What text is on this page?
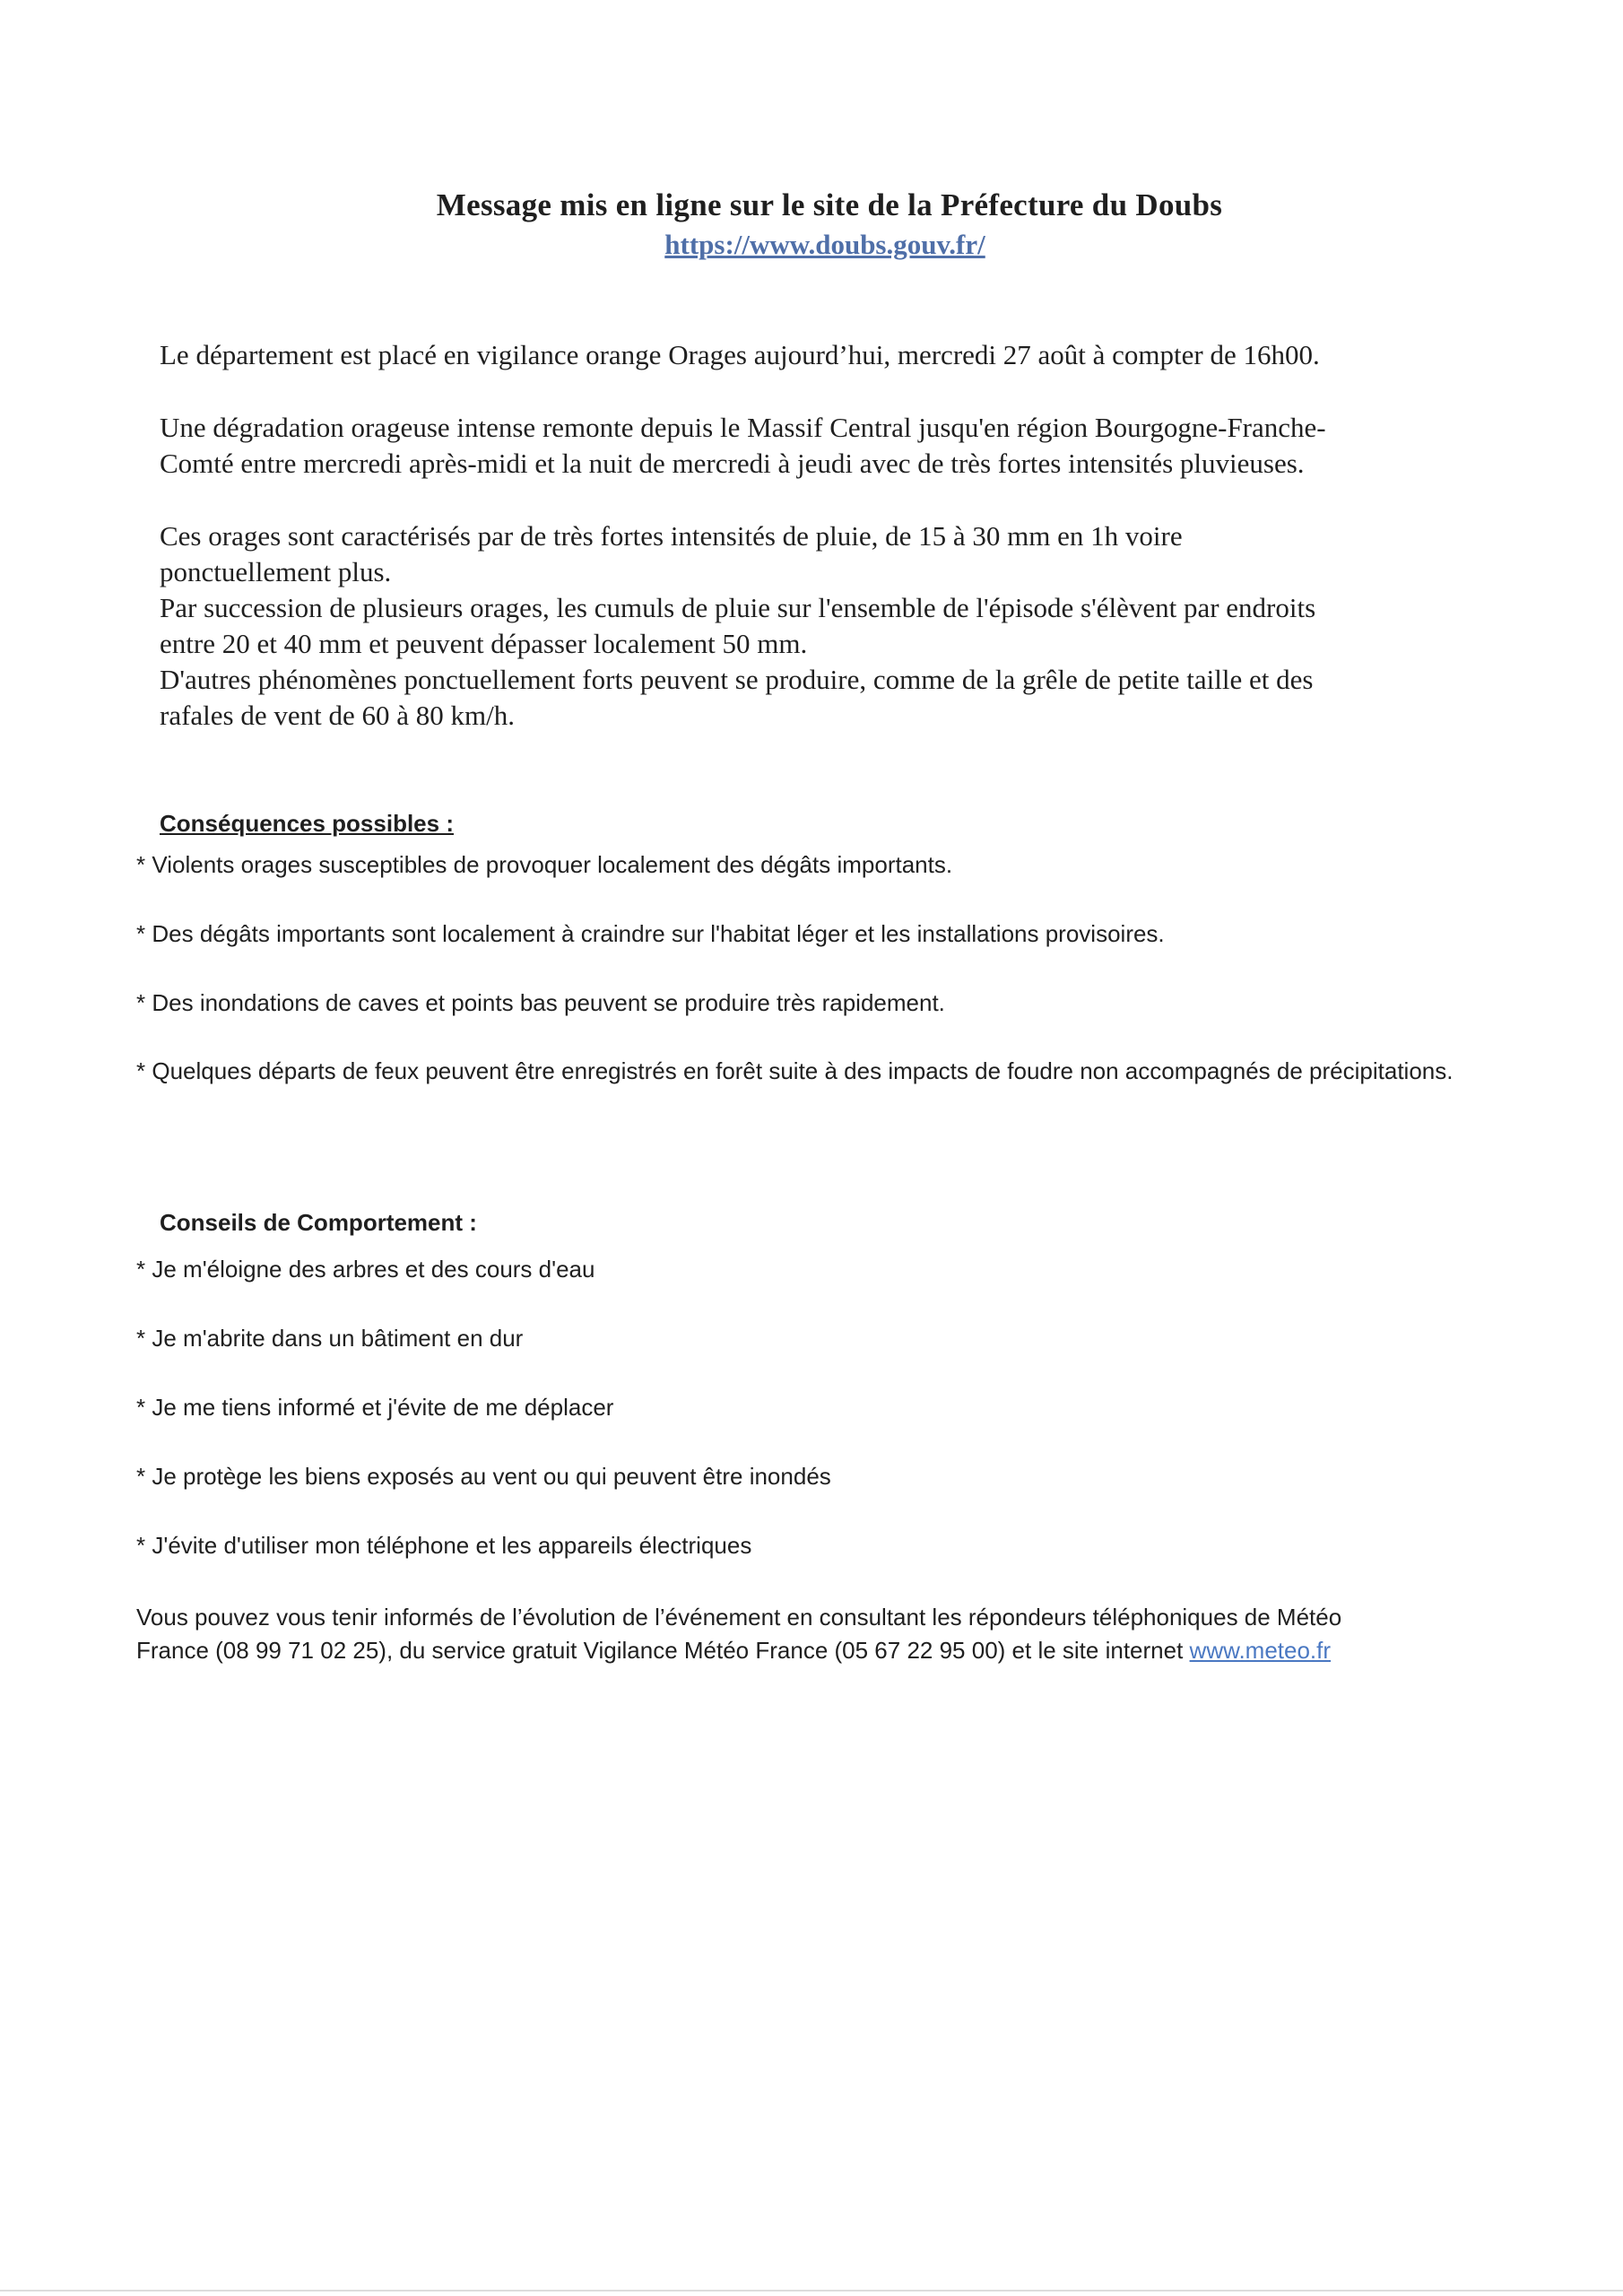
Message mis en ligne sur le site de la Préfecture du Doubs
https://www.doubs.gouv.fr/

Le département est placé en vigilance orange Orages aujourd’hui, mercredi 27 août à compter de 16h00.

Une dégradation orageuse intense remonte depuis le Massif Central jusqu'en région Bourgogne-Franche-

Comté entre mercredi après-midi et la nuit de mercredi à jeudi avec de très fortes intensités pluvieuses.

Ces orages sont caractérisés par de très fortes intensités de pluie, de 15 à 30 mm en 1h voire

ponctuellement plus.

Par succession de plusieurs orages, les cumuls de pluie sur l'ensemble de l'épisode s'élèvent par endroits

entre 20 et 40 mm et peuvent dépasser localement 50 mm.

D'autres phénomènes ponctuellement forts peuvent se produire, comme de la grêle de petite taille et des

rafales de vent de 60 à 80 km/h.

Conséquences possibles :
* Violents orages susceptibles de provoquer localement des dégâts importants.
* Des dégâts importants sont localement à craindre sur l'habitat léger et les installations provisoires.
* Des inondations de caves et points bas peuvent se produire très rapidement.
* Quelques départs de feux peuvent être enregistrés en forêt suite à des impacts de foudre non accompagnés de précipitations.
Conseils de Comportement :
* Je m'éloigne des arbres et des cours d'eau
* Je m'abrite dans un bâtiment en dur
* Je me tiens informé et j'évite de me déplacer
* Je protège les biens exposés au vent ou qui peuvent être inondés
* J'évite d'utiliser mon téléphone et les appareils électriques
Vous pouvez vous tenir informés de l’évolution de l’événement en consultant les répondeurs téléphoniques de Météo
France (08 99 71 02 25), du service gratuit Vigilance Météo France (05 67 22 95 00) et le site internet www.meteo.fr
